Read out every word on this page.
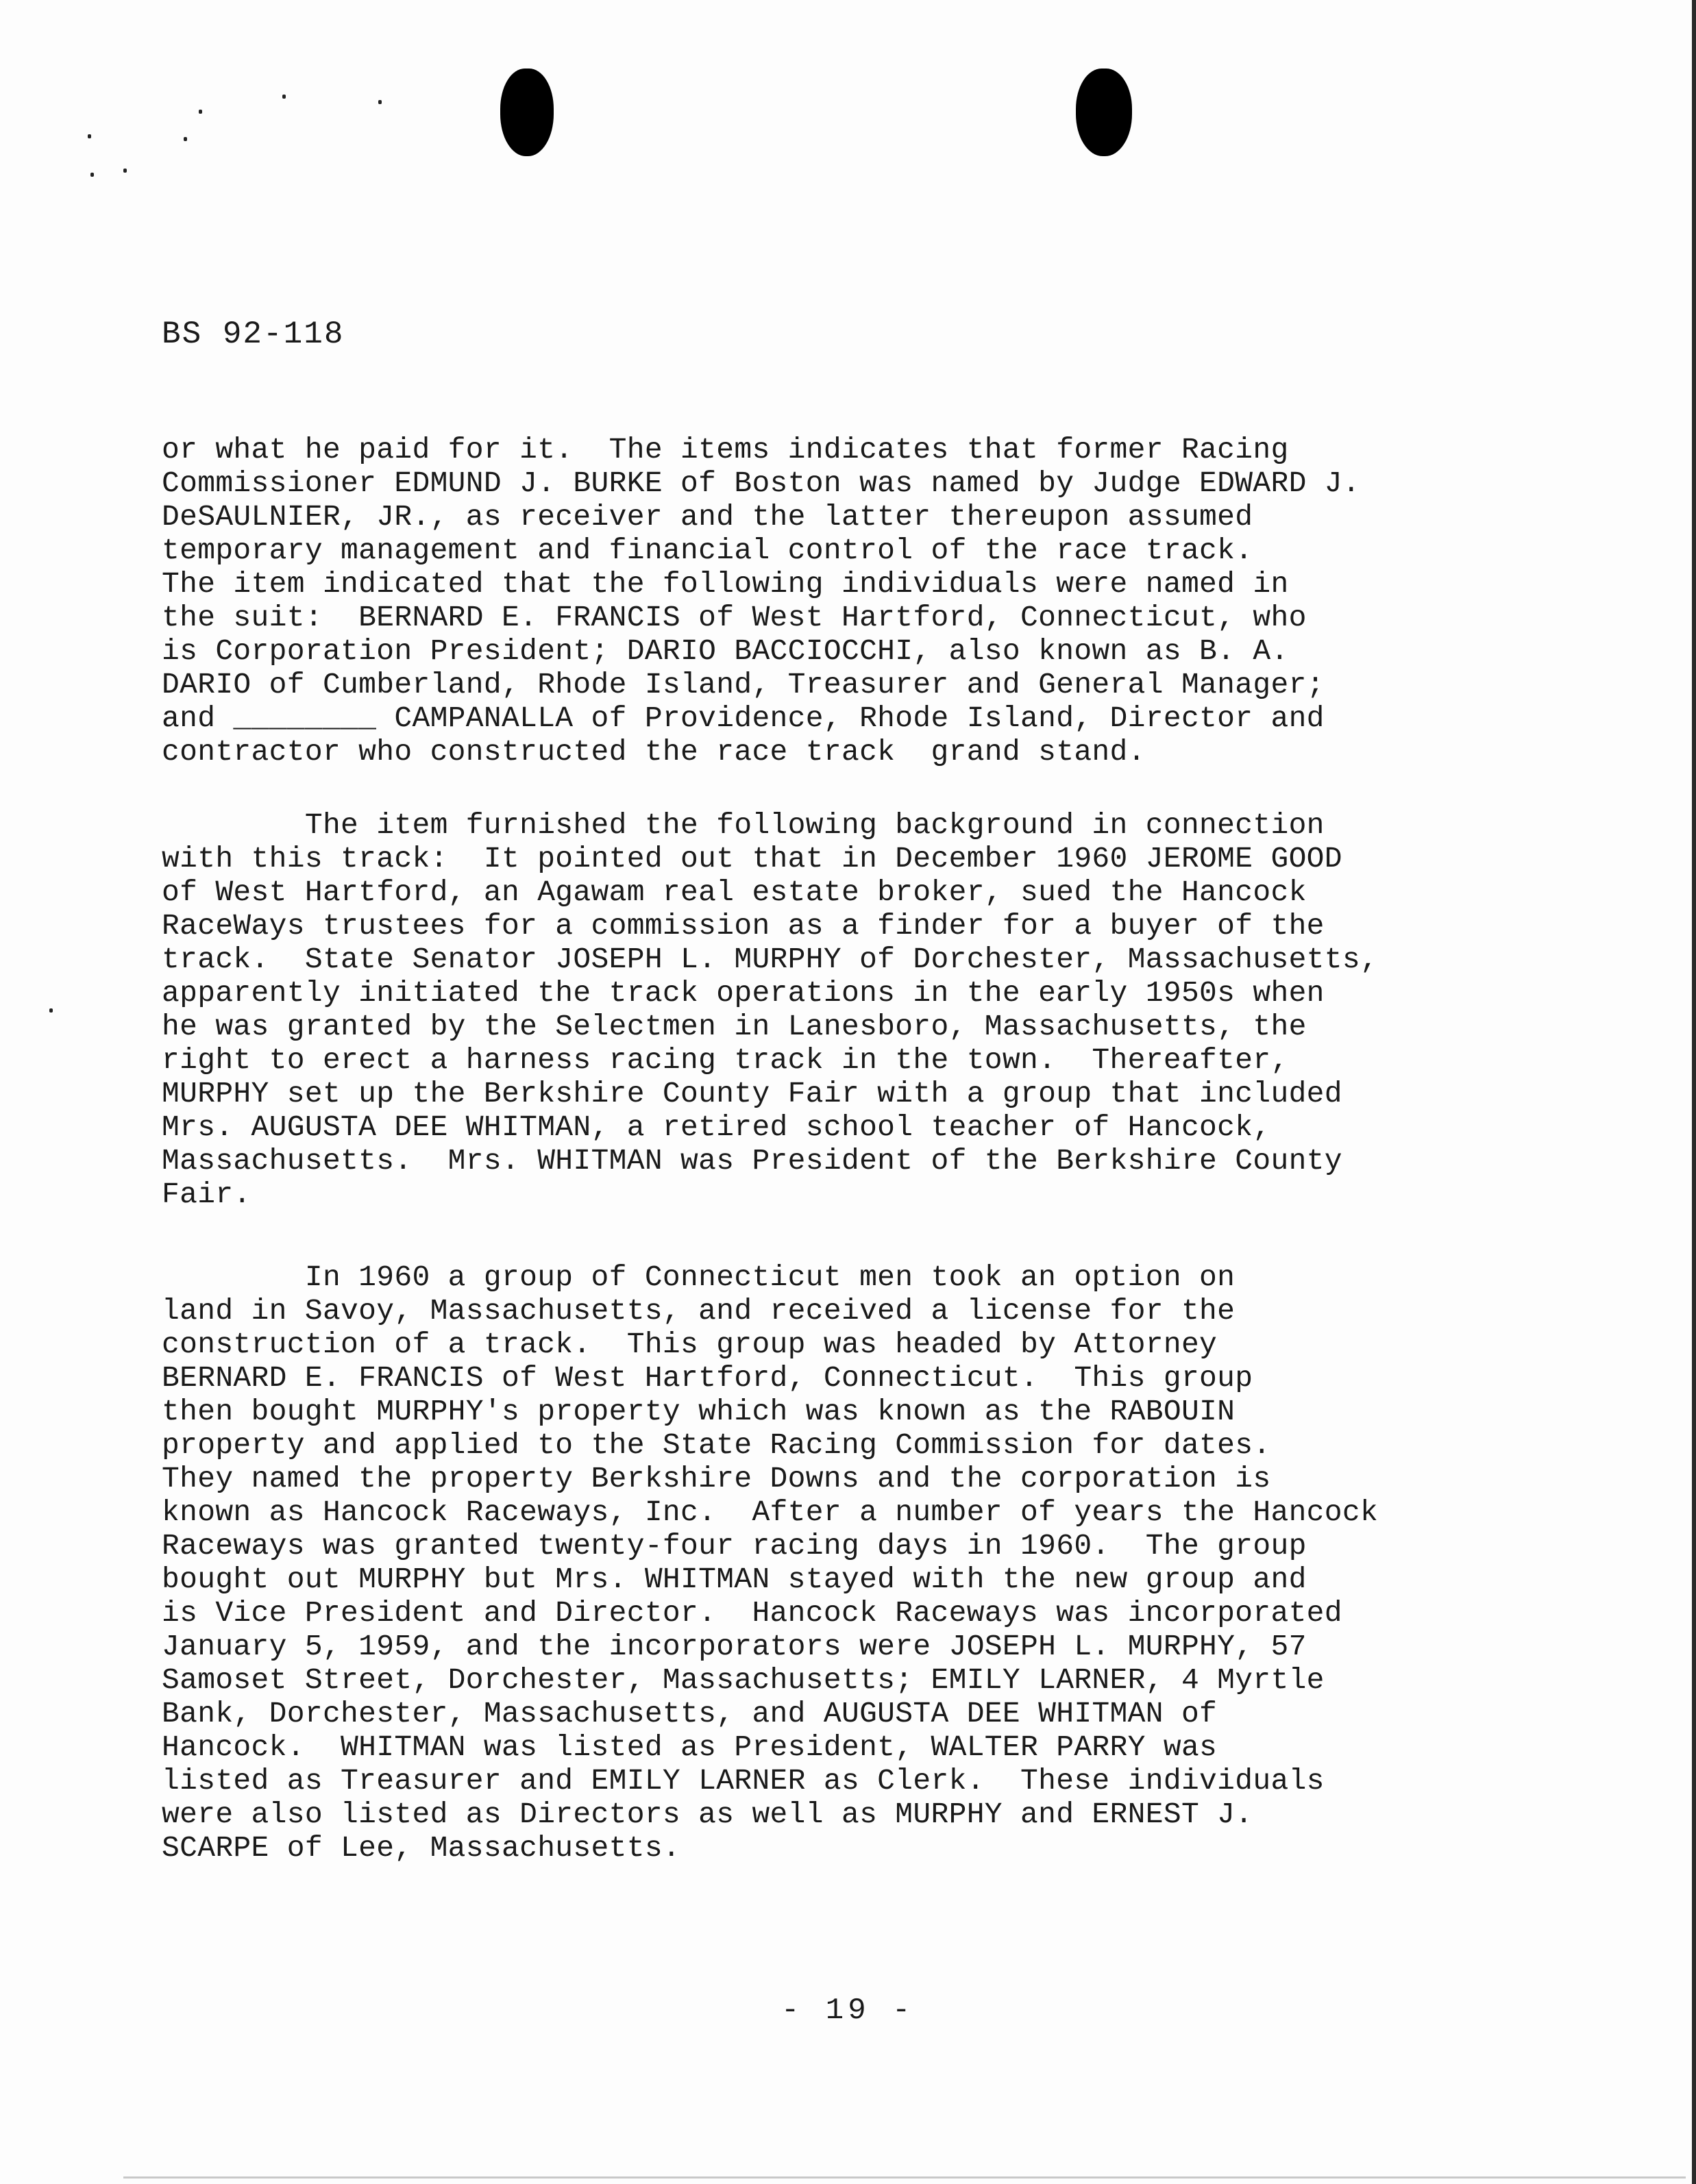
BS 92-118
or what he paid for it.  The items indicates that former Racing
Commissioner EDMUND J. BURKE of Boston was named by Judge EDWARD J.
DeSAULNIER, JR., as receiver and the latter thereupon assumed
temporary management and financial control of the race track.
The item indicated that the following individuals were named in
the suit:  BERNARD E. FRANCIS of West Hartford, Connecticut, who
is Corporation President; DARIO BACCIOCCHI, also known as B. A.
DARIO of Cumberland, Rhode Island, Treasurer and General Manager;
and ________ CAMPANALLA of Providence, Rhode Island, Director and
contractor who constructed the race track  grand stand.
The item furnished the following background in connection
with this track:  It pointed out that in December 1960 JEROME GOOD
of West Hartford, an Agawam real estate broker, sued the Hancock
RaceWays trustees for a commission as a finder for a buyer of the
track.  State Senator JOSEPH L. MURPHY of Dorchester, Massachusetts,
apparently initiated the track operations in the early 1950s when
he was granted by the Selectmen in Lanesboro, Massachusetts, the
right to erect a harness racing track in the town.  Thereafter,
MURPHY set up the Berkshire County Fair with a group that included
Mrs. AUGUSTA DEE WHITMAN, a retired school teacher of Hancock,
Massachusetts.  Mrs. WHITMAN was President of the Berkshire County
Fair.
In 1960 a group of Connecticut men took an option on
land in Savoy, Massachusetts, and received a license for the
construction of a track.  This group was headed by Attorney
BERNARD E. FRANCIS of West Hartford, Connecticut.  This group
then bought MURPHY's property which was known as the RABOUIN
property and applied to the State Racing Commission for dates.
They named the property Berkshire Downs and the corporation is
known as Hancock Raceways, Inc.  After a number of years the Hancock
Raceways was granted twenty-four racing days in 1960.  The group
bought out MURPHY but Mrs. WHITMAN stayed with the new group and
is Vice President and Director.  Hancock Raceways was incorporated
January 5, 1959, and the incorporators were JOSEPH L. MURPHY, 57
Samoset Street, Dorchester, Massachusetts; EMILY LARNER, 4 Myrtle
Bank, Dorchester, Massachusetts, and AUGUSTA DEE WHITMAN of
Hancock.  WHITMAN was listed as President, WALTER PARRY was
listed as Treasurer and EMILY LARNER as Clerk.  These individuals
were also listed as Directors as well as MURPHY and ERNEST J.
SCARPE of Lee, Massachusetts.
- 19 -
